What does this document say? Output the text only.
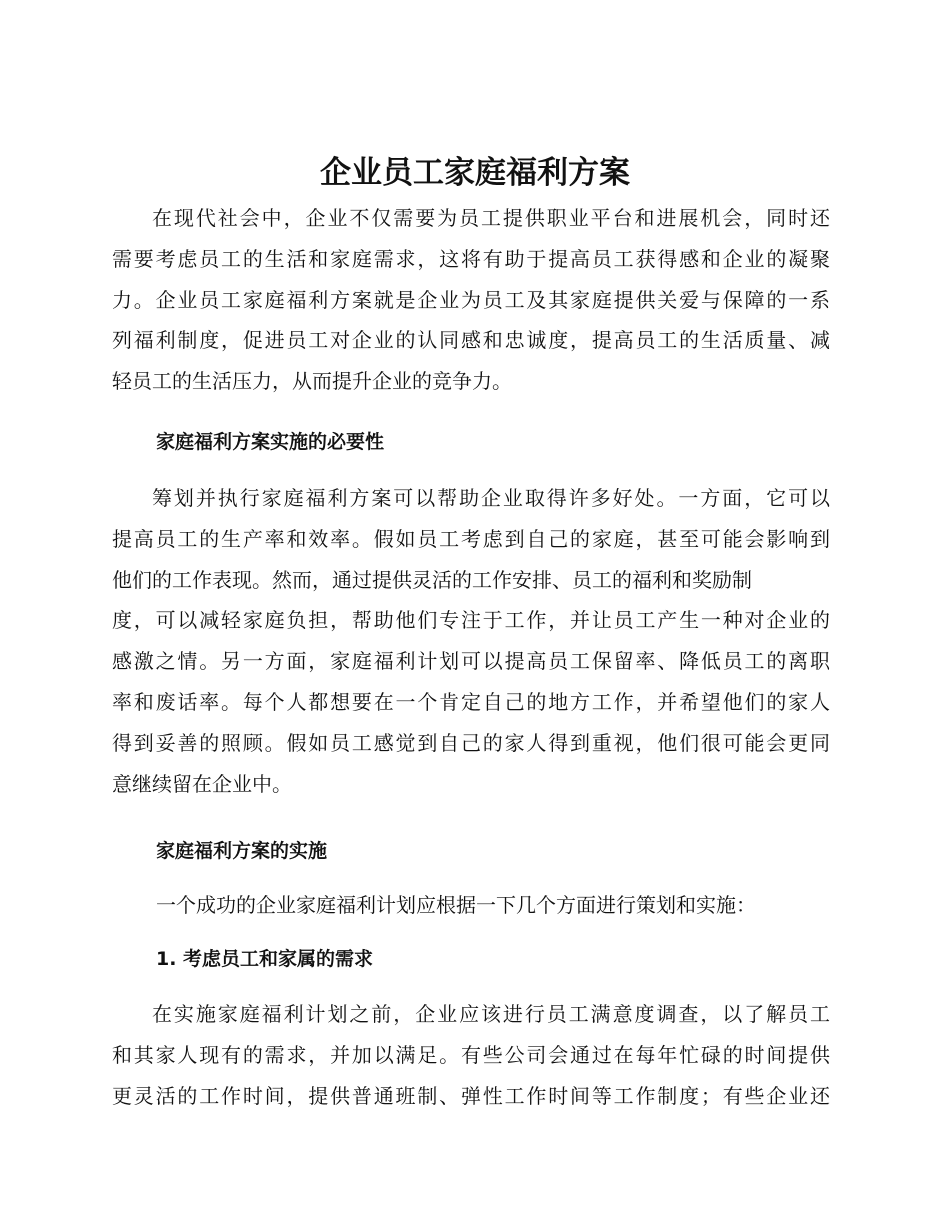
企业员工家庭福利方案
在现代社会中，企业不仅需要为员工提供职业平台和进展机会，同时还
需要考虑员工的生活和家庭需求，这将有助于提高员工获得感和企业的凝聚
力。企业员工家庭福利方案就是企业为员工及其家庭提供关爱与保障的一系
列福利制度，促进员工对企业的认同感和忠诚度，提高员工的生活质量、减
轻员工的生活压力，从而提升企业的竞争力。
家庭福利方案实施的必要性
筹划并执行家庭福利方案可以帮助企业取得许多好处。一方面，它可以
提高员工的生产率和效率。假如员工考虑到自己的家庭，甚至可能会影响到
他们的工作表现。然而，通过提供灵活的工作安排、员工的福利和奖励制
度，可以减轻家庭负担，帮助他们专注于工作，并让员工产生一种对企业的
感激之情。另一方面，家庭福利计划可以提高员工保留率、降低员工的离职
率和废话率。每个人都想要在一个肯定自己的地方工作，并希望他们的家人
得到妥善的照顾。假如员工感觉到自己的家人得到重视，他们很可能会更同
意继续留在企业中。
家庭福利方案的实施

一个成功的企业家庭福利计划应根据一下几个方面进行策划和实施：

1. 考虑员工和家属的需求
在实施家庭福利计划之前，企业应该进行员工满意度调查，以了解员工
和其家人现有的需求，并加以满足。有些公司会通过在每年忙碌的时间提供
更灵活的工作时间，提供普通班制、弹性工作时间等工作制度；有些企业还
